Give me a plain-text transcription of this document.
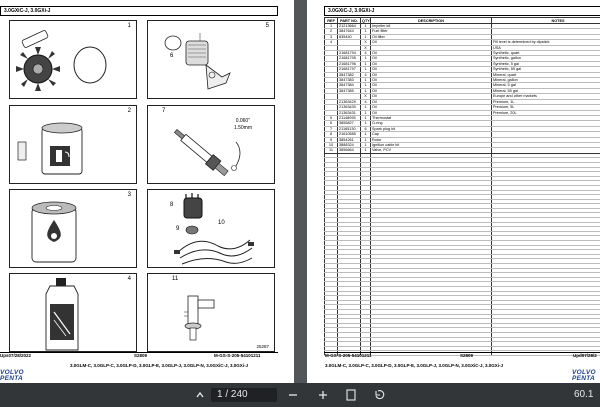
3.0GXiC-J, 3.0GXi-J
1	5
6
2	7
0.060"
1.50mm
3
8
9
10
4	11
25287
Ups07/28/2022	S2809	M-GS-S-205-54101211
3.0GLM-C, 3.0GLP-C, 3.0GLP-D, 3.0GLP-E, 3.0GLP-J, 3.0GLP-N, 3.0GXiC-J, 3.0GXi-J
VOLVO
PENTA
3.0GXiC-J, 3.0GXi-J
REF	PART NO.	QTY	DESCRIPTION	NOTES
1	21213664	1	Impeller kit	
2	3847644	1	Fuel filter	
3	835440	1	Oil filter	
4		X	Oil	Fill level is determined by dipstick
		X		USA
	21681794	4	Oil	Synthetic, quart
	21681795	1	Oil	Synthetic, gallon
	21681796	1	Oil	Synthetic, 5 gal
	21681797	1	Oil	Synthetic, 55 gal
	3847382	4	Oil	Mineral, quart
	3847383	1	Oil	Mineral, gallon
	3847384	1	Oil	Mineral, 5 gal
	3847385	1	Oil	Mineral, 55 gal
		X	Oil	Europe and other markets
	21363429	4	Oil	Premium, 1L
	21363430	1	Oil	Premium, 5L
	21363431	1	Oil	Premium, 20L
5	21148095	1	Thermostat	
6	3855827	1	O-ring	
7	21165130	6	Spark plug kit	
8	21610585	1	Cap	
9	3854261	1	Rotor	
10	3888324	1	Ignition cable kit	
11	3856664	1	Valve, PCV	

M-GS-S-205-54101211	S2809	Upd07/28/2
3.0GLM-C, 3.0GLP-C, 3.0GLP-D, 3.0GLP-E, 3.0GLP-J, 3.0GLP-N, 3.0GXiC-J, 3.0GXi-J
VOLVO
PENTA
1 / 240	60.1
